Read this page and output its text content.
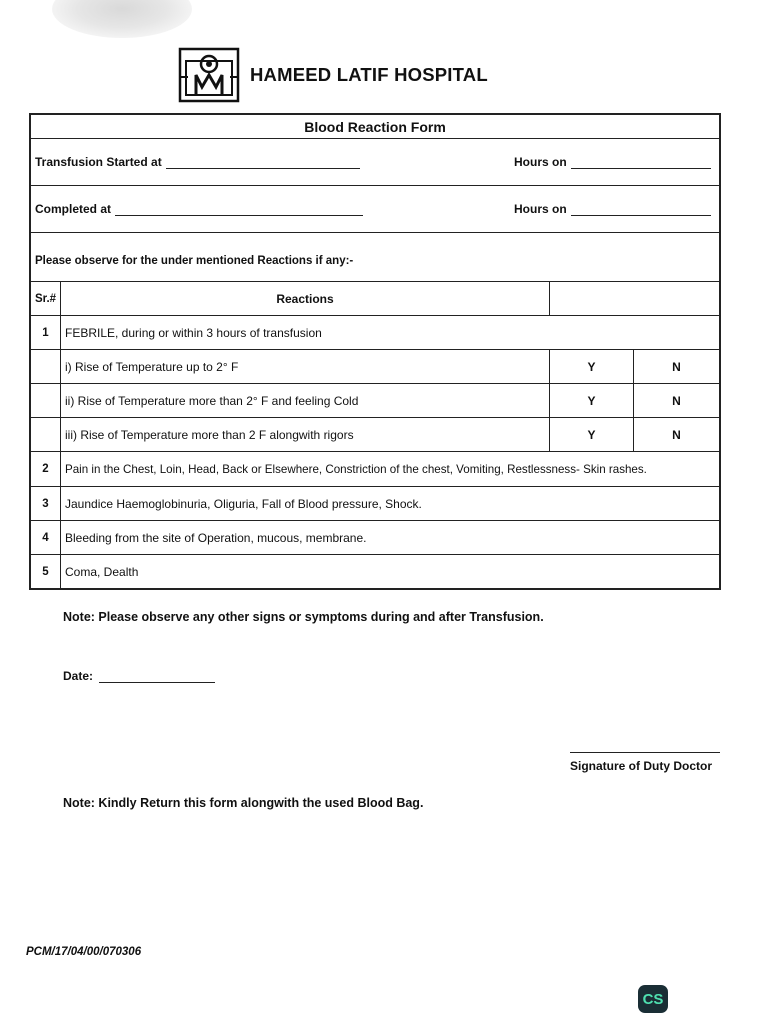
HAMEED LATIF HOSPITAL
Blood Reaction Form
Transfusion Started at	Hours on
Completed at	Hours on
Please observe for the under mentioned Reactions if any:-
Sr.#	Reactions
1	FEBRILE, during or within 3 hours of transfusion
i) Rise of Temperature up to 2° F	Y	N
ii) Rise of Temperature more than 2° F and feeling Cold	Y	N
iii) Rise of Temperature more than 2 F alongwith rigors	Y	N
2	Pain in the Chest, Loin, Head, Back or Elsewhere, Constriction of the chest, Vomiting, Restlessness- Skin rashes.
3	Jaundice Haemoglobinuria, Oliguria, Fall of Blood pressure, Shock.
4	Bleeding from the site of Operation, mucous, membrane.
5	Coma, Dealth
Note: Please observe any other signs or symptoms during and after Transfusion.
Date:
Signature of Duty Doctor
Note: Kindly Return this form alongwith the used Blood Bag.
PCM/17/04/00/070306
CS
